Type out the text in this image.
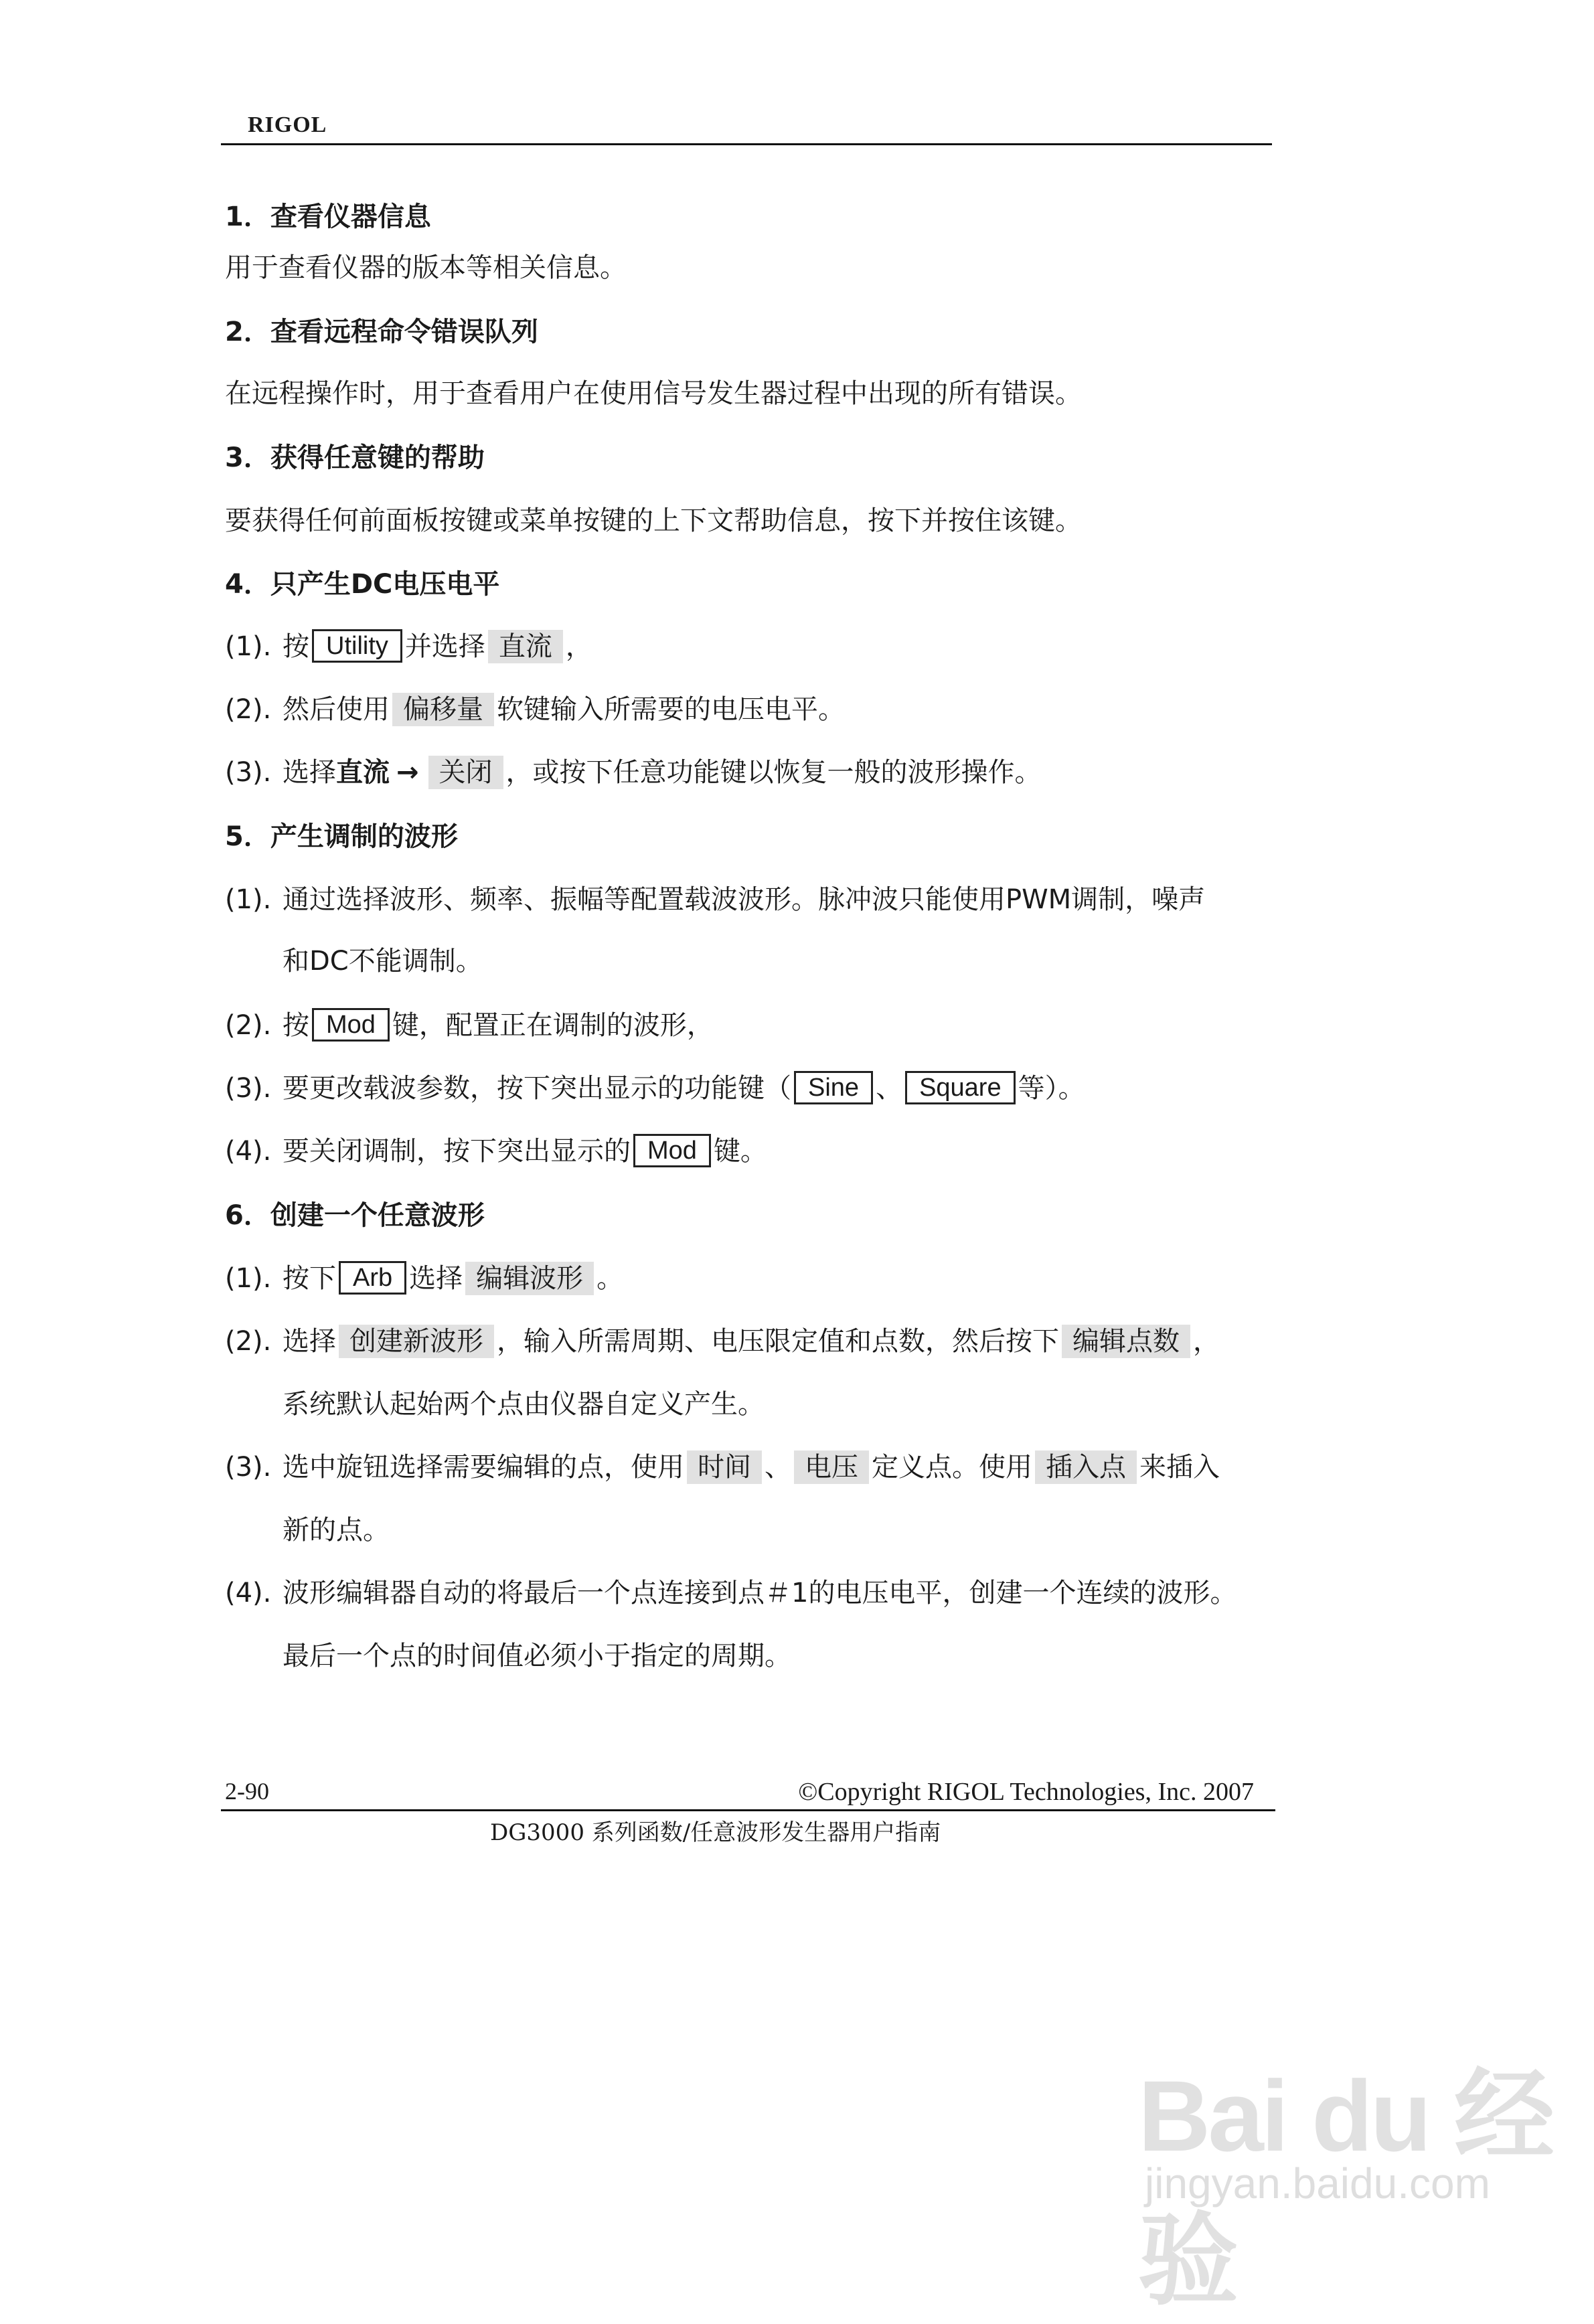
RIGOL
1．查看仪器信息
用于查看仪器的版本等相关信息。
2．查看远程命令错误队列
在远程操作时，用于查看用户在使用信号发生器过程中出现的所有错误。
3．获得任意键的帮助
要获得任何前面板按键或菜单按键的上下文帮助信息，按下并按住该键。
4．只产生DC电压电平
(1). 按 Utility 并选择 直流 ，
(2). 然后使用 偏移量 软键输入所需要的电压电平。
(3). 选择直流 → 关闭 ，或按下任意功能键以恢复一般的波形操作。
5．产生调制的波形
(1). 通过选择波形、频率、振幅等配置载波波形。脉冲波只能使用PWM调制，噪声
和DC不能调制。
(2). 按 Mod 键，配置正在调制的波形，
(3). 要更改载波参数，按下突出显示的功能键（ Sine 、 Square 等）。
(4). 要关闭调制，按下突出显示的 Mod 键。
6．创建一个任意波形
(1). 按下 Arb 选择 编辑波形 。
(2). 选择 创建新波形 ，输入所需周期、电压限定值和点数，然后按下 编辑点数 ，
系统默认起始两个点由仪器自定义产生。
(3). 选中旋钮选择需要编辑的点，使用 时间 、 电压 定义点。使用 插入点 来插入
新的点。
(4). 波形编辑器自动的将最后一个点连接到点＃1的电压电平，创建一个连续的波形。
最后一个点的时间值必须小于指定的周期。
2-90	©Copyright RIGOL Technologies, Inc. 2007
DG3000 系列函数/任意波形发生器用户指南
Bai du 经验
jingyan.baidu.com
